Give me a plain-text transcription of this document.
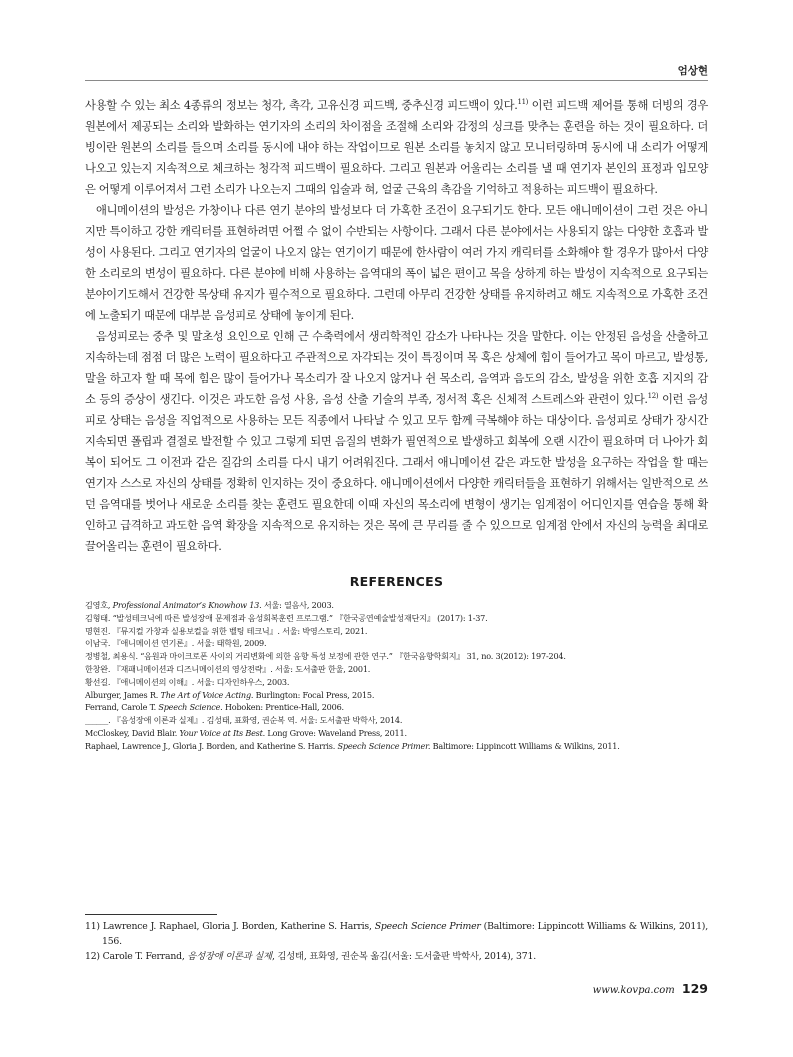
엄상현

사용할 수 있는 최소 4종류의 정보는 청각, 촉각, 고유신경 피드백, 중추신경 피드백이 있다.$^{11)}$ 이런 피드백 제어를 통해 더빙의 경우 원본에서 제공되는 소리와 발화하는 연기자의 소리의 차이점을 조절해 소리와 감정의 싱크를 맞추는 훈련을 하는 것이 필요하다. 더빙이란 원본의 소리를 들으며 소리를 동시에 내야 하는 작업이므로 원본 소리를 놓치지 않고 모니터링하며 동시에 내 소리가 어떻게 나오고 있는지 지속적으로 체크하는 청각적 피드백이 필요하다. 그리고 원본과 어울리는 소리를 낼 때 연기자 본인의 표정과 입모양은 어떻게 이루어져서 그런 소리가 나오는지 그때의 입술과 혀, 얼굴 근육의 촉감을 기억하고 적용하는 피드백이 필요하다.

애니메이션의 발성은 가창이나 다른 연기 분야의 발성보다 더 가혹한 조건이 요구되기도 한다. 모든 애니메이션이 그런 것은 아니지만 특이하고 강한 캐릭터를 표현하려면 어쩔 수 없이 수반되는 사항이다. 그래서 다른 분야에서는 사용되지 않는 다양한 호흡과 발성이 사용된다. 그리고 연기자의 얼굴이 나오지 않는 연기이기 때문에 한사람이 여러 가지 캐릭터를 소화해야 할 경우가 많아서 다양한 소리로의 변성이 필요하다. 다른 분야에 비해 사용하는 음역대의 폭이 넓은 편이고 목을 상하게 하는 발성이 지속적으로 요구되는 분야이기도해서 건강한 목상태 유지가 필수적으로 필요하다. 그런데 아무리 건강한 상태를 유지하려고 해도 지속적으로 가혹한 조건에 노출되기 때문에 대부분 음성피로 상태에 놓이게 된다.

음성피로는 중추 및 말초성 요인으로 인해 근 수축력에서 생리학적인 감소가 나타나는 것을 말한다. 이는 안정된 음성을 산출하고 지속하는데 점점 더 많은 노력이 필요하다고 주관적으로 자각되는 것이 특징이며 목 혹은 상체에 힘이 들어가고 목이 마르고, 발성통, 말을 하고자 할 때 목에 힘은 많이 들어가나 목소리가 잘 나오지 않거나 쉰 목소리, 음역과 음도의 감소, 발성을 위한 호흡 지지의 감소 등의 증상이 생긴다. 이것은 과도한 음성 사용, 음성 산출 기술의 부족, 정서적 혹은 신체적 스트레스와 관련이 있다.$^{12)}$ 이런 음성피로 상태는 음성을 직업적으로 사용하는 모든 직종에서 나타날 수 있고 모두 함께 극복해야 하는 대상이다. 음성피로 상태가 장시간 지속되면 폴립과 결절로 발전할 수 있고 그렇게 되면 음질의 변화가 필연적으로 발생하고 회복에 오랜 시간이 필요하며 더 나아가 회복이 되어도 그 이전과 같은 질감의 소리를 다시 내기 어려워진다. 그래서 애니메이션 같은 과도한 발성을 요구하는 작업을 할 때는 연기자 스스로 자신의 상태를 정확히 인지하는 것이 중요하다. 애니메이션에서 다양한 캐릭터들을 표현하기 위해서는 일반적으로 쓰던 음역대를 벗어나 새로운 소리를 찾는 훈련도 필요한데 이때 자신의 목소리에 변형이 생기는 임계점이 어디인지를 연습을 통해 확인하고 급격하고 과도한 음역 확장을 지속적으로 유지하는 것은 목에 큰 무리를 줄 수 있으므로 임계점 안에서 자신의 능력을 최대로 끌어올리는 훈련이 필요하다.

REFERENCES
김영호, Professional Animator’s Knowhow 13. 서울: 열음사, 2003.
김형태. “발성테크닉에 따른 발성장애 문제점과 음성회복훈련 프로그램.” 『한국공연예술발성재단지』 (2017): 1-37.
명현진. 『뮤지컬 가창과 실용보컬을 위한 벨팅 테크닉』. 서울: 박영스토리, 2021.
이남국. 『애니메이션 연기론』. 서울: 태학원, 2009.
정병철, 최용식. “음원과 마이크로폰 사이의 거리변화에 의한 음향 특성 보정에 관한 연구.” 『한국음향학회지』 31, no. 3(2012): 197-204.
한창완. 『재패니메이션과 디즈니메이션의 영상전략』. 서울: 도서출판 한울, 2001.
황선길. 『애니메이션의 이해』. 서울: 디자인하우스, 2003.
Alburger, James R. The Art of Voice Acting. Burlington: Focal Press, 2015.
Ferrand, Carole T. Speech Science. Hoboken: Prentice-Hall, 2006.
______. 『음성장애 이론과 실제』. 김성태, 표화영, 권순복 역. 서울: 도서출판 박학사, 2014.
McCloskey, David Blair. Your Voice at Its Best. Long Grove: Waveland Press, 2011.
Raphael, Lawrence J., Gloria J. Borden, and Katherine S. Harris. Speech Science Primer. Baltimore: Lippincott Williams & Wilkins, 2011.
11) Lawrence J. Raphael, Gloria J. Borden, Katherine S. Harris, Speech Science Primer (Baltimore: Lippincott Williams & Wilkins, 2011), 156.
12) Carole T. Ferrand, 음성장애 이론과 실제, 김성태, 표화영, 권순복 옮김(서울: 도서출판 박학사, 2014), 371.
www.kovpa.com 129
